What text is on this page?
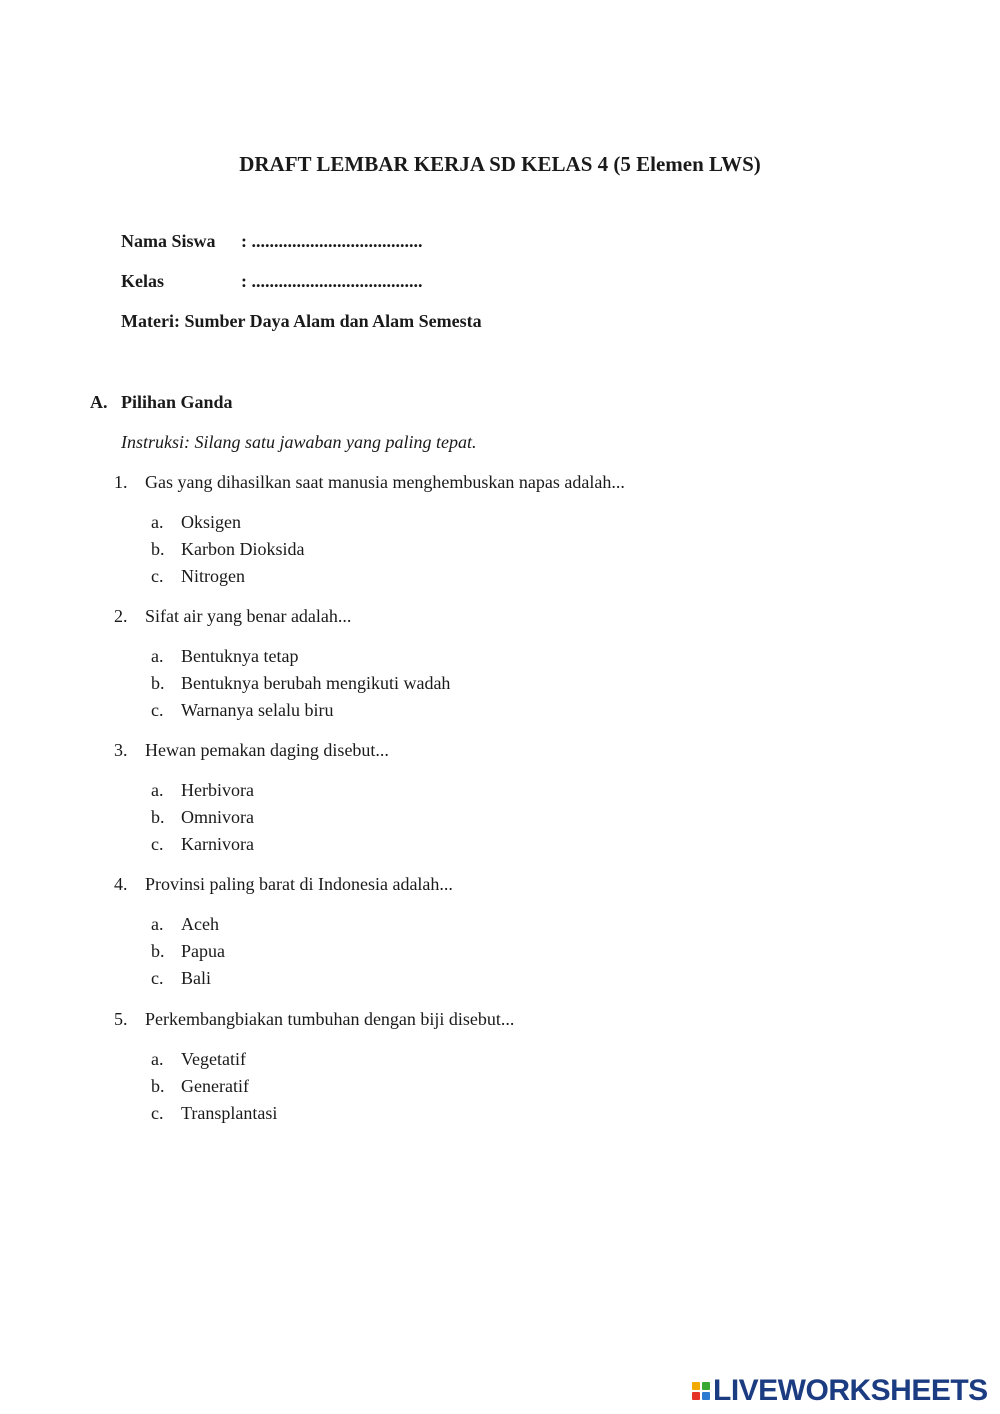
DRAFT LEMBAR KERJA SD KELAS 4 (5 Elemen LWS)
Nama Siswa : ......................................
Kelas	: ......................................
Materi: Sumber Daya Alam dan Alam Semesta
A. Pilihan Ganda
Instruksi: Silang satu jawaban yang paling tepat.
1. Gas yang dihasilkan saat manusia menghembuskan napas adalah...
a. Oksigen
b. Karbon Dioksida
c. Nitrogen
2. Sifat air yang benar adalah...
a. Bentuknya tetap
b. Bentuknya berubah mengikuti wadah
c. Warnanya selalu biru
3. Hewan pemakan daging disebut...
a. Herbivora
b. Omnivora
c. Karnivora
4. Provinsi paling barat di Indonesia adalah...
a. Aceh
b. Papua
c. Bali
5. Perkembangbiakan tumbuhan dengan biji disebut...
a. Vegetatif
b. Generatif
c. Transplantasi
LIVEWORKSHEETS
